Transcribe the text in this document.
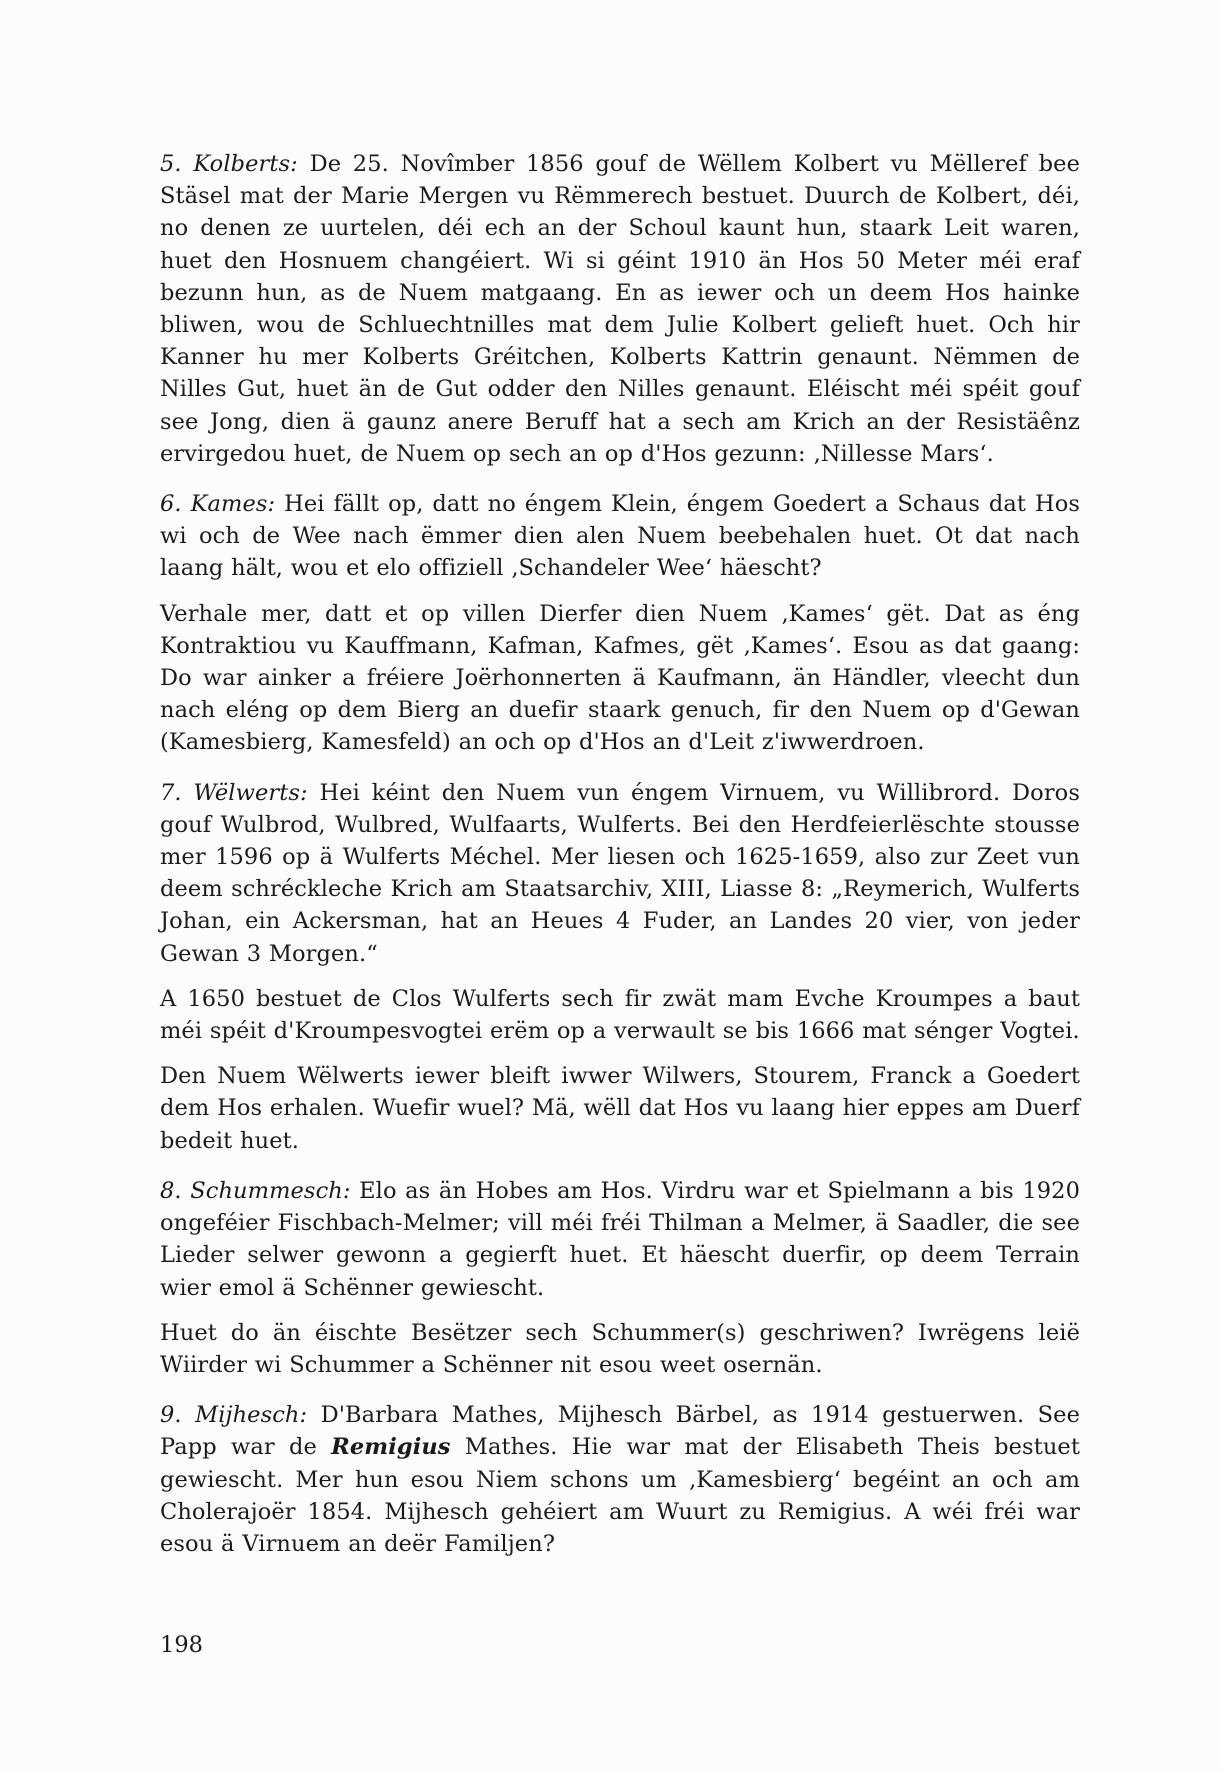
5. Kolberts: De 25. Novîmber 1856 gouf de Wëllem Kolbert vu Mëlleref bee Stäsel mat der Marie Mergen vu Rëmmerech bestuet. Duurch de Kolbert, déi, no denen ze uurtelen, déi ech an der Schoul kaunt hun, staark Leit waren, huet den Hosnuem changéiert. Wi si géint 1910 än Hos 50 Meter méi eraf bezunn hun, as de Nuem matgaang. En as iewer och un deem Hos hainke bliwen, wou de Schluechtnilles mat dem Julie Kolbert gelieft huet. Och hir Kanner hu mer Kolberts Gréitchen, Kolberts Kattrin genaunt. Nëmmen de Nilles Gut, huet än de Gut odder den Nilles genaunt. Eléischt méi spéit gouf see Jong, dien ä gaunz anere Beruff hat a sech am Krich an der Resistäênz ervirgedou huet, de Nuem op sech an op d'Hos gezunn: ‚Nillesse Mars‘.

6. Kames: Hei fällt op, datt no éngem Klein, éngem Goedert a Schaus dat Hos wi och de Wee nach ëmmer dien alen Nuem beebehalen huet. Ot dat nach laang hält, wou et elo offiziell ‚Schandeler Wee‘ häescht?

Verhale mer, datt et op villen Dierfer dien Nuem ‚Kames‘ gët. Dat as éng Kontraktiou vu Kauffmann, Kafman, Kafmes, gët ‚Kames‘. Esou as dat gaang: Do war ainker a fréiere Joërhonnerten ä Kaufmann, än Händler, vleecht dun nach eléng op dem Bierg an duefir staark genuch, fir den Nuem op d'Gewan (Kamesbierg, Kamesfeld) an och op d'Hos an d'Leit z'iwwerdroen.

7. Wëlwerts: Hei kéint den Nuem vun éngem Virnuem, vu Willibrord. Doros gouf Wulbrod, Wulbred, Wulfaarts, Wulferts. Bei den Herdfeierlëschte stousse mer 1596 op ä Wulferts Méchel. Mer liesen och 1625-1659, also zur Zeet vun deem schréckleche Krich am Staatsarchiv, XIII, Liasse 8: „Reymerich, Wulferts Johan, ein Ackersman, hat an Heues 4 Fuder, an Landes 20 vier, von jeder Gewan 3 Morgen.“

A 1650 bestuet de Clos Wulferts sech fir zwät mam Evche Kroumpes a baut méi spéit d'Kroumpesvogtei erëm op a verwault se bis 1666 mat sénger Vogtei.

Den Nuem Wëlwerts iewer bleift iwwer Wilwers, Stourem, Franck a Goedert dem Hos erhalen. Wuefir wuel? Mä, wëll dat Hos vu laang hier eppes am Duerf bedeit huet.

8. Schummesch: Elo as än Hobes am Hos. Virdru war et Spielmann a bis 1920 ongeféier Fischbach-Melmer; vill méi fréi Thilman a Melmer, ä Saadler, die see Lieder selwer gewonn a gegierft huet. Et häescht duerfir, op deem Terrain wier emol ä Schënner gewiescht.

Huet do än éischte Besëtzer sech Schummer(s) geschriwen? Iwrëgens leië Wiirder wi Schummer a Schënner nit esou weet osernän.

9. Mijhesch: D'Barbara Mathes, Mijhesch Bärbel, as 1914 gestuerwen. See Papp war de Remigius Mathes. Hie war mat der Elisabeth Theis bestuet gewiescht. Mer hun esou Niem schons um ‚Kamesbierg‘ begéint an och am Cholerajoër 1854. Mijhesch gehéiert am Wuurt zu Remigius. A wéi fréi war esou ä Virnuem an deër Familjen?

198
